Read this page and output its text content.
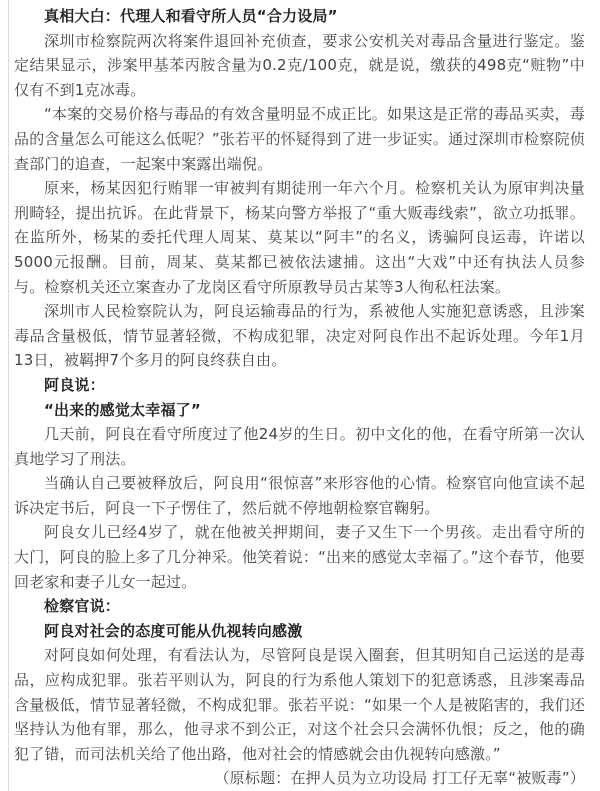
真相大白：代理人和看守所人员“合力设局”

深圳市检察院两次将案件退回补充侦查，要求公安机关对毒品含量进行鉴定。鉴定结果显示，涉案甲基苯丙胺含量为0.2克/100克，就是说，缴获的498克“赃物”中仅有不到1克冰毒。

“本案的交易价格与毒品的有效含量明显不成正比。如果这是正常的毒品买卖，毒品的含量怎么可能这么低呢？”张若平的怀疑得到了进一步证实。通过深圳市检察院侦查部门的追查，一起案中案露出端倪。

原来，杨某因犯行贿罪一审被判有期徒刑一年六个月。检察机关认为原审判决量刑畸轻，提出抗诉。在此背景下，杨某向警方举报了“重大贩毒线索”，欲立功抵罪。在监所外，杨某的委托代理人周某、莫某以“阿丰”的名义，诱骗阿良运毒，许诺以5000元报酬。目前，周某、莫某都已被依法逮捕。这出“大戏”中还有执法人员参与。检察机关还立案查办了龙岗区看守所原教导员古某等3人徇私枉法案。

深圳市人民检察院认为，阿良运输毒品的行为，系被他人实施犯意诱惑，且涉案毒品含量极低，情节显著轻微，不构成犯罪，决定对阿良作出不起诉处理。今年1月13日，被羁押7个多月的阿良终获自由。

阿良说：

“出来的感觉太幸福了”

几天前，阿良在看守所度过了他24岁的生日。初中文化的他，在看守所第一次认真地学习了刑法。

当确认自己要被释放后，阿良用“很惊喜”来形容他的心情。检察官向他宣读不起诉决定书后，阿良一下子愣住了，然后就不停地朝检察官鞠躬。

阿良女儿已经4岁了，就在他被关押期间，妻子又生下一个男孩。走出看守所的大门，阿良的脸上多了几分神采。他笑着说：“出来的感觉太幸福了。”这个春节，他要回老家和妻子儿女一起过。

检察官说：

阿良对社会的态度可能从仇视转向感激

对阿良如何处理，有看法认为，尽管阿良是误入圈套，但其明知自己运送的是毒品，应构成犯罪。张若平则认为，阿良的行为系他人策划下的犯意诱惑，且涉案毒品含量极低，情节显著轻微，不构成犯罪。张若平说：“如果一个人是被陷害的，我们还坚持认为他有罪，那么，他寻求不到公正，对这个社会只会满怀仇恨；反之，他的确犯了错，而司法机关给了他出路，他对社会的情感就会由仇视转向感激。”

（原标题：在押人员为立功设局 打工仔无辜“被贩毒”）
